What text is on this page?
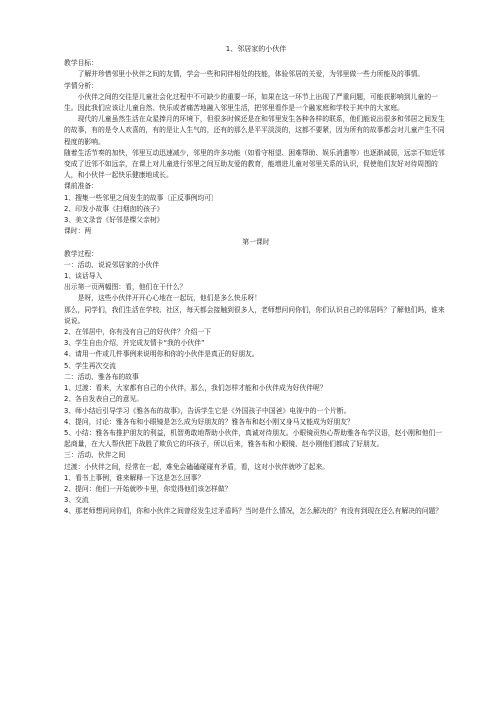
1、邻居家的小伙伴

教学目标：

了解并珍惜邻里小伙伴之间的友情，学会一些和同伴相处的技能，体验邻居的关爱，为邻里做一些力所能及的事情。

学情分析：

小伙伴之间的交往是儿童社会化过程中不可缺少的重要一环，如果在这一环节上出现了严重问题，可能获影响到儿童的一生。因此我们应该让儿童自然、快乐或者痛苦地融入邻里生活，把邻里看作是一个融家庭和学校于其中的大家庭。

现代的儿童虽然生活在众星捧月的环境下，但很多时候还是在和邻里发生各种各样的联系，他们能说出很多和邻居之间发生的故事，有的是令人欢喜的，有的是让人生气的，还有的那么是平平淡淡的，这都不要紧，因为所有的故事都会对儿童产生不同程度的影响。

随着生活节奏的加快，邻里互动迅速减少，邻里的许多功能（如看守相望、困难帮助、娱乐消遣等）也逐渐减弱，远亲不如近邻变成了近邻不如远亲，在课上对儿童进行邻里之间互助友爱的教育，能增进儿童对邻里关系的认识，促使他们友好对待周围的人，和小伙伴一起快乐健康地成长。

课前准备：

1、搜集一些邻里之间发生的故事〔正反事例均可〕

2、印发小故事《扫烟囱的孩子》

3、美文录音《好邻是棵父亲树》

课时：两

第一课时

教学过程：

一：活动、说说邻居家的小伙伴

1、谈话导入

出示第一页两幅图：看，他们在干什么？

是呀，这些小伙伴开开心心地在一起玩，他们是多么快乐呀！

那么，同学们，我们生活在学校、社区，每天都会接触到很多人，老师想问问你们，你们认识自己的邻居吗？了解他们吗，谁来说说。

2、在邻居中，你有没有自己的好伙伴？介绍一下

3、学生自由介绍，并完成友情卡“我的小伙伴”

4、请用一件或几件事例来说明你和你的小伙伴是真正的好朋友。

5、学生再次交流

二：活动、雅各布的故事

1、过渡：看来，大家都有自己的小伙伴，那么，我们怎样才能和小伙伴成为好伙伴呢？

2、各自发表自己的意见。

3、师小结后引导学习《雅各布的故事》，告诉学生它是《外国孩子中国爸》电视中的一个片断。

4、提问，讨论：雅各布和小眼镜是怎么成为好朋友的？雅各布和赵小刚又身马又能成为好朋友？

5、小结：雅各布推护朋友的利益，机智勇敢地帮助小伙伴，真诚对待朋友。小眼镜贡热心帮助雅各布学汉语，赵小刚和他们一起商量，在大人帮伙把下战胜了欺负它的坏孩子，所以后来，雅各布和小眼镜、赵小刚他们都成了好朋友。

三：活动、伙伴之间

过渡：小伙伴之间，经常在一起，难免会磕磕碰碰有矛盾，看，这对小伙伴就吵了起来。

1、看书上事例，谁来解释一下这是怎么回事？

2、提问：他们一开始就吵卡里，你觉得他们该怎样做？

3、交流

4、那老师想问问你们，你和小伙伴之间曾经发生过矛盾吗？当时是什么情况，怎么解决的？有没有到现在还么有解决的问题？
